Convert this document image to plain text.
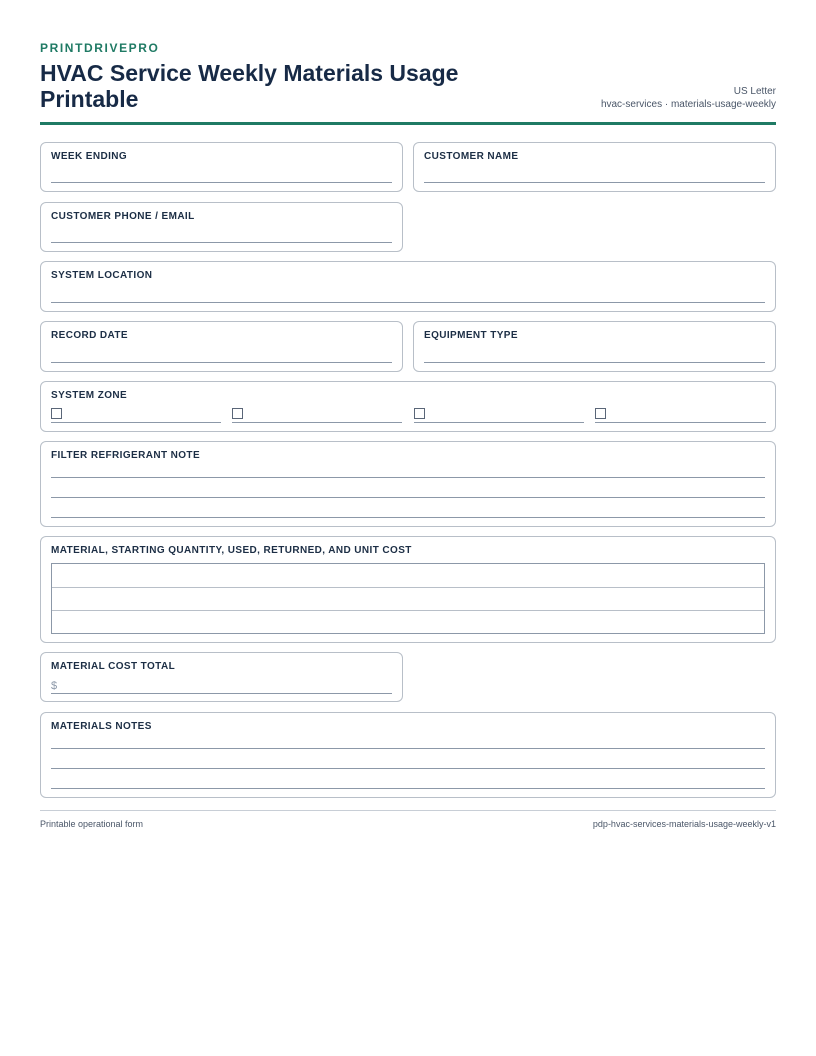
PRINTDRIVEPRO
HVAC Service Weekly Materials Usage Printable	US Letter
hvac-services · materials-usage-weekly
WEEK ENDING	CUSTOMER NAME
CUSTOMER PHONE / EMAIL
SYSTEM LOCATION
RECORD DATE	EQUIPMENT TYPE
SYSTEM ZONE
FILTER REFRIGERANT NOTE
MATERIAL, STARTING QUANTITY, USED, RETURNED, AND UNIT COST
MATERIAL COST TOTAL
$
MATERIALS NOTES
Printable operational form	pdp-hvac-services-materials-usage-weekly-v1
